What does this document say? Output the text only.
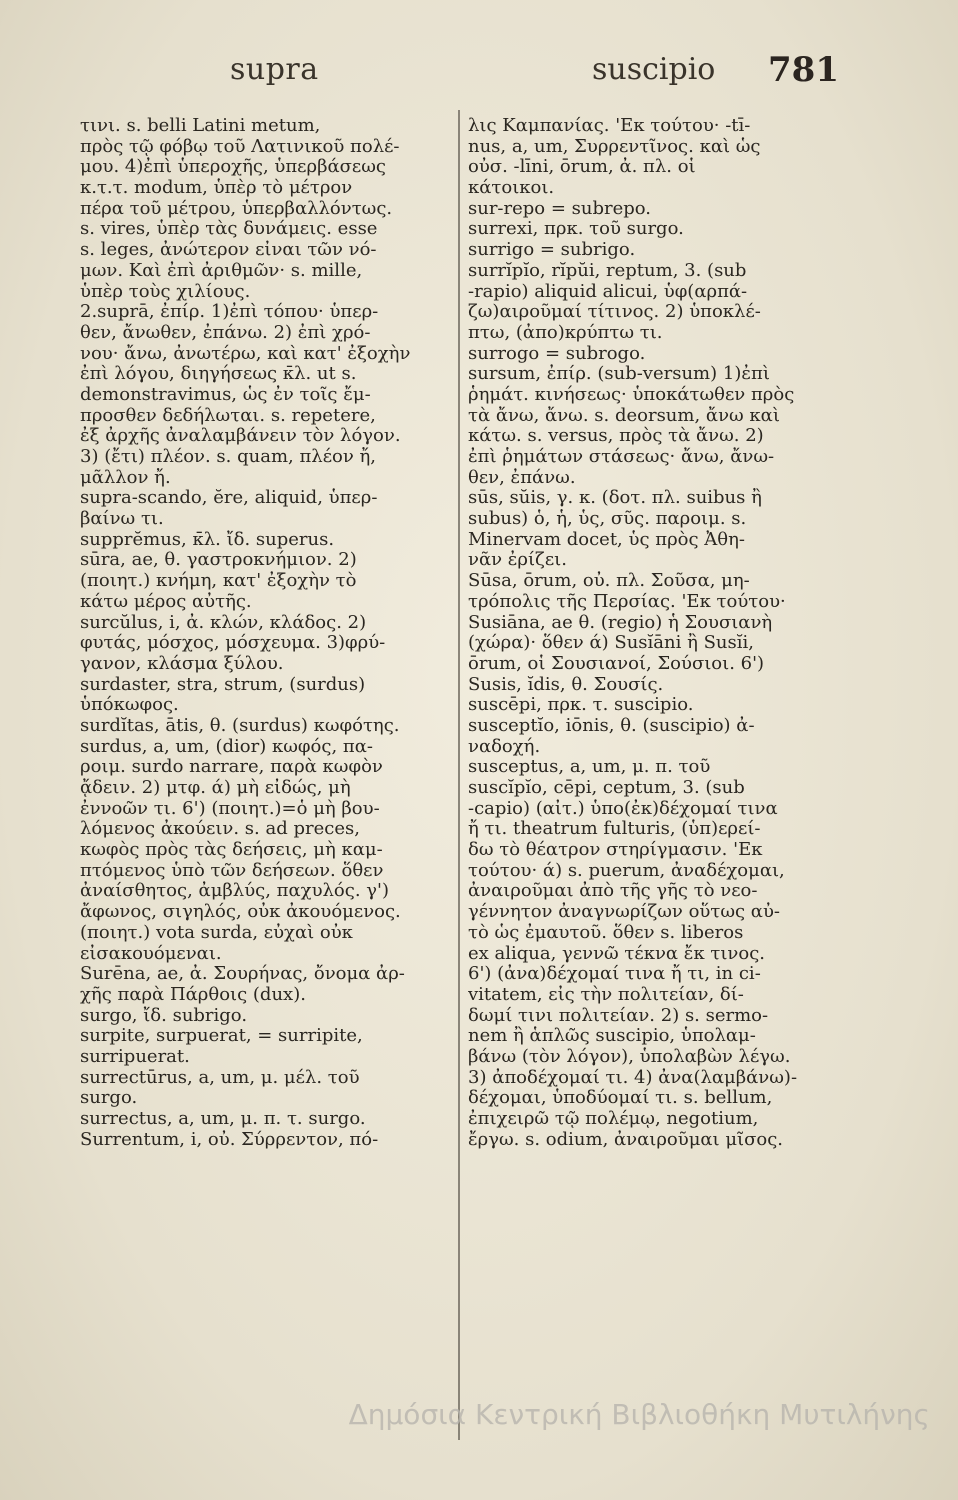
supra	suscipio 781
τινι. s. belli Latini metum,
πρὸς τῷ φόβῳ τοῦ Λατινικοῦ πολέ-
μου. 4)ἐπὶ ὑπεροχῆς, ὑπερβάσεως
κ.τ.τ. modum, ὑπὲρ τὸ μέτρον
πέρα τοῦ μέτρου, ὑπερβαλλόντως.
s. vires, ὑπὲρ τὰς δυνάμεις. esse
s. leges, ἀνώτερον εἶναι τῶν νό-
μων. Καὶ ἐπὶ ἀριθμῶν· s. mille,
ὑπὲρ τοὺς χιλίους.
2.suprā, ἐπίρ. 1)ἐπὶ τόπου· ὑπερ-
θεν, ἄνωθεν, ἐπάνω. 2) ἐπὶ χρό-
νου· ἄνω, ἀνωτέρω, καὶ κατ' ἐξοχὴν
ἐπὶ λόγου, διηγήσεως κ̄λ. ut s.
demonstravimus, ὡς ἐν τοῖς ἔμ-
προσθεν δεδήλωται. s. repetere,
ἐξ ἀρχῆς ἀναλαμβάνειν τὸν λόγον.
3) (ἔτι) πλέον. s. quam, πλέον ἤ,
μᾶλλον ἤ.
supra-scando, ĕre, aliquid, ὑπερ-
βαίνω τι.
supprĕmus, κ̄λ. ἴδ. superus.
sūra, ae, θ. γαστροκνήμιον. 2)
(ποιητ.) κνήμη, κατ' ἐξοχὴν τὸ
κάτω μέρος αὐτῆς.
surcŭlus, i, ἀ. κλών, κλάδος. 2)
φυτάς, μόσχος, μόσχευμα. 3)φρύ-
γανον, κλάσμα ξύλου.
surdaster, stra, strum, (surdus)
ὑπόκωφος.
surdĭtas, ātis, θ. (surdus) κωφότης.
surdus, a, um, (dior) κωφός, πα-
ροιμ. surdo narrare, παρὰ κωφὸν
ᾄδειν. 2) μτφ. ά) μὴ εἰδώς, μὴ
ἐννοῶν τι. 6') (ποιητ.)=ὁ μὴ βου-
λόμενος ἀκούειν. s. ad preces,
κωφὸς πρὸς τὰς δεήσεις, μὴ καμ-
πτόμενος ὑπὸ τῶν δεήσεων. ὅθεν
ἀναίσθητος, ἀμβλύς, παχυλός. γ')
ἄφωνος, σιγηλός, οὐκ ἀκουόμενος.
(ποιητ.) vota surda, εὐχαὶ οὐκ
εἰσακουόμεναι.
Surēna, ae, ἀ. Σουρήνας, ὄνομα ἀρ-
χῆς παρὰ Πάρθοις (dux).
surgo, ἴδ. subrigo.
surpite, surpuerat, = surripite,
surripuerat.
surrectūrus, a, um, μ. μέλ. τοῦ
surgo.
surrectus, a, um, μ. π. τ. surgo.
Surrentum, i, οὐ. Σύρρεντον, πό-
λις Καμπανίας. 'Εκ τούτου· -tī-
nus, a, um, Συρρεντῖνος. καὶ ὡς
οὐσ. -līni, ōrum, ἀ. πλ. οἱ
κάτοικοι.
sur-repo = subrepo.
surrexi, πρκ. τοῦ surgo.
surrigo = subrigo.
surrĭpĭo, rĭpŭi, reptum, 3. (sub
-rapio) aliquid alicui, ὑφ(αρπά-
ζω)αιροῦμαί τίτινος. 2) ὑποκλέ-
πτω, (ἀπο)κρύπτω τι.
surrogo = subrogo.
sursum, ἐπίρ. (sub-versum) 1)ἐπὶ
ῥημάτ. κινήσεως· ὑποκάτωθεν πρὸς
τὰ ἄνω, ἄνω. s. deorsum, ἄνω καὶ
κάτω. s. versus, πρὸς τὰ ἄνω. 2)
ἐπὶ ῥημάτων στάσεως· ἄνω, ἄνω-
θεν, ἐπάνω.
sūs, sŭis, γ. κ. (δοτ. πλ. suibus ἢ
subus) ὁ, ἡ, ὗς, σῦς. παροιμ. s.
Minervam docet, ὗς πρὸς Ἀθη-
νᾶν ἐρίζει.
Sūsa, ōrum, οὐ. πλ. Σοῦσα, μη-
τρόπολις τῆς Περσίας. 'Εκ τούτου·
Susiāna, ae θ. (regio) ἡ Σουσιανὴ
(χώρα)· ὅθεν ά) Susĭāni ἢ Susĭi,
ōrum, οἱ Σουσιανοί, Σούσιοι. 6')
Susis, ĭdis, θ. Σουσίς.
suscēpi, πρκ. τ. suscipio.
susceptĭo, iōnis, θ. (suscipio) ἀ-
ναδοχή.
susceptus, a, um, μ. π. τοῦ
suscĭpĭo, cēpi, ceptum, 3. (sub
-capio) (αἰτ.) ὑπο(ἐκ)δέχομαί τινα
ἤ τι. theatrum fulturis, (ὑπ)ερεί-
δω τὸ θέατρον στηρίγμασιν. 'Εκ
τούτου· ά) s. puerum, ἀναδέχομαι,
ἀναιροῦμαι ἀπὸ τῆς γῆς τὸ νεο-
γέννητον ἀναγνωρίζων οὕτως αὐ-
τὸ ὡς ἐμαυτοῦ. ὅθεν s. liberos
ex aliqua, γεννῶ τέκνα ἔκ τινος.
6') (ἀνα)δέχομαί τινα ἤ τι, in ci-
vitatem, εἰς τὴν πολιτείαν, δί-
δωμί τινι πολιτείαν. 2) s. sermo-
nem ἢ ἁπλῶς suscipio, ὑπολαμ-
βάνω (τὸν λόγον), ὑπολαβὼν λέγω.
3) ἀποδέχομαί τι. 4) ἀνα(λαμβάνω)-
δέχομαι, ὑποδύομαί τι. s. bellum,
ἐπιχειρῶ τῷ πολέμῳ, negotium,
ἔργω. s. odium, ἀναιροῦμαι μῖσος.
Δημόσια Κεντρική Βιβλιοθήκη Μυτιλήνης
